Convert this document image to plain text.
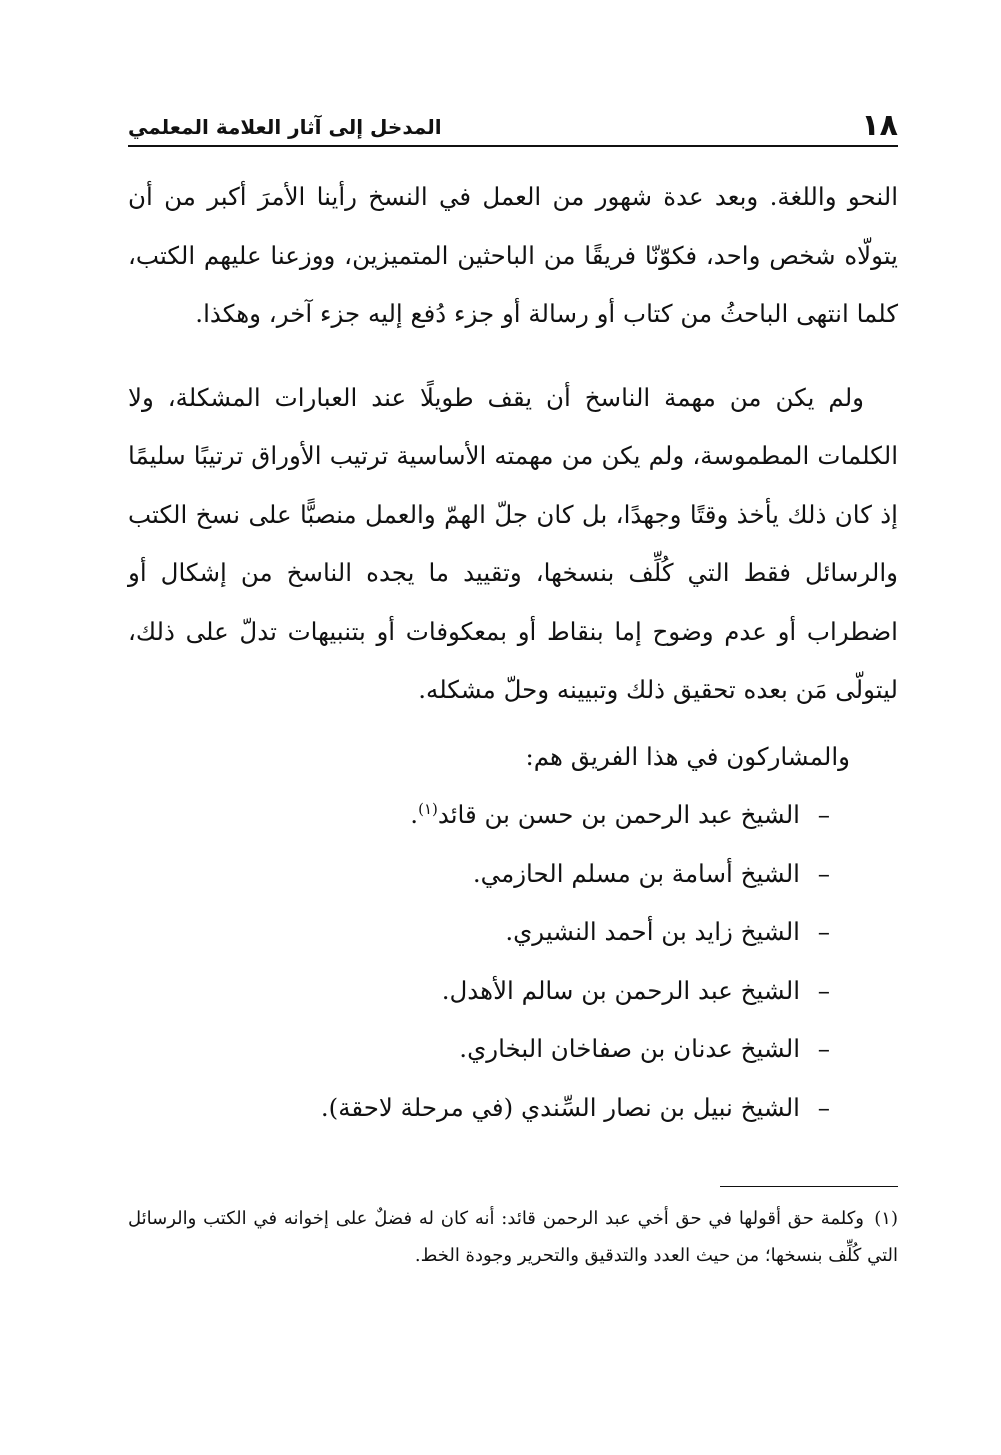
١٨
المدخل إلى آثار العلامة المعلمي

النحو واللغة. وبعد عدة شهور من العمل في النسخ رأينا الأمرَ أكبر من أن يتولّاه شخص واحد، فكوّنّا فريقًا من الباحثين المتميزين، ووزعنا عليهم الكتب، كلما انتهى الباحثُ من كتاب أو رسالة أو جزء دُفع إليه جزء آخر، وهكذا.

ولم يكن من مهمة الناسخ أن يقف طويلًا عند العبارات المشكلة، ولا الكلمات المطموسة، ولم يكن من مهمته الأساسية ترتيب الأوراق ترتيبًا سليمًا إذ كان ذلك يأخذ وقتًا وجهدًا، بل كان جلّ الهمّ والعمل منصبًّا على نسخ الكتب والرسائل فقط التي كُلِّف بنسخها، وتقييد ما يجده الناسخ من إشكال أو اضطراب أو عدم وضوح إما بنقاط أو بمعكوفات أو بتنبيهات تدلّ على ذلك، ليتولّى مَن بعده تحقيق ذلك وتبيينه وحلّ مشكله.

والمشاركون في هذا الفريق هم:

– الشيخ عبد الرحمن بن حسن بن قائد$^{(١)}$.
– الشيخ أسامة بن مسلم الحازمي.
– الشيخ زايد بن أحمد النشيري.
– الشيخ عبد الرحمن بن سالم الأهدل.
– الشيخ عدنان بن صفاخان البخاري.
– الشيخ نبيل بن نصار السِّندي (في مرحلة لاحقة).

(١)وكلمة حق أقولها في حق أخي عبد الرحمن قائد: أنه كان له فضلٌ على إخوانه في الكتب والرسائل التي كُلِّف بنسخها؛ من حيث العدد والتدقيق والتحرير وجودة الخط.
